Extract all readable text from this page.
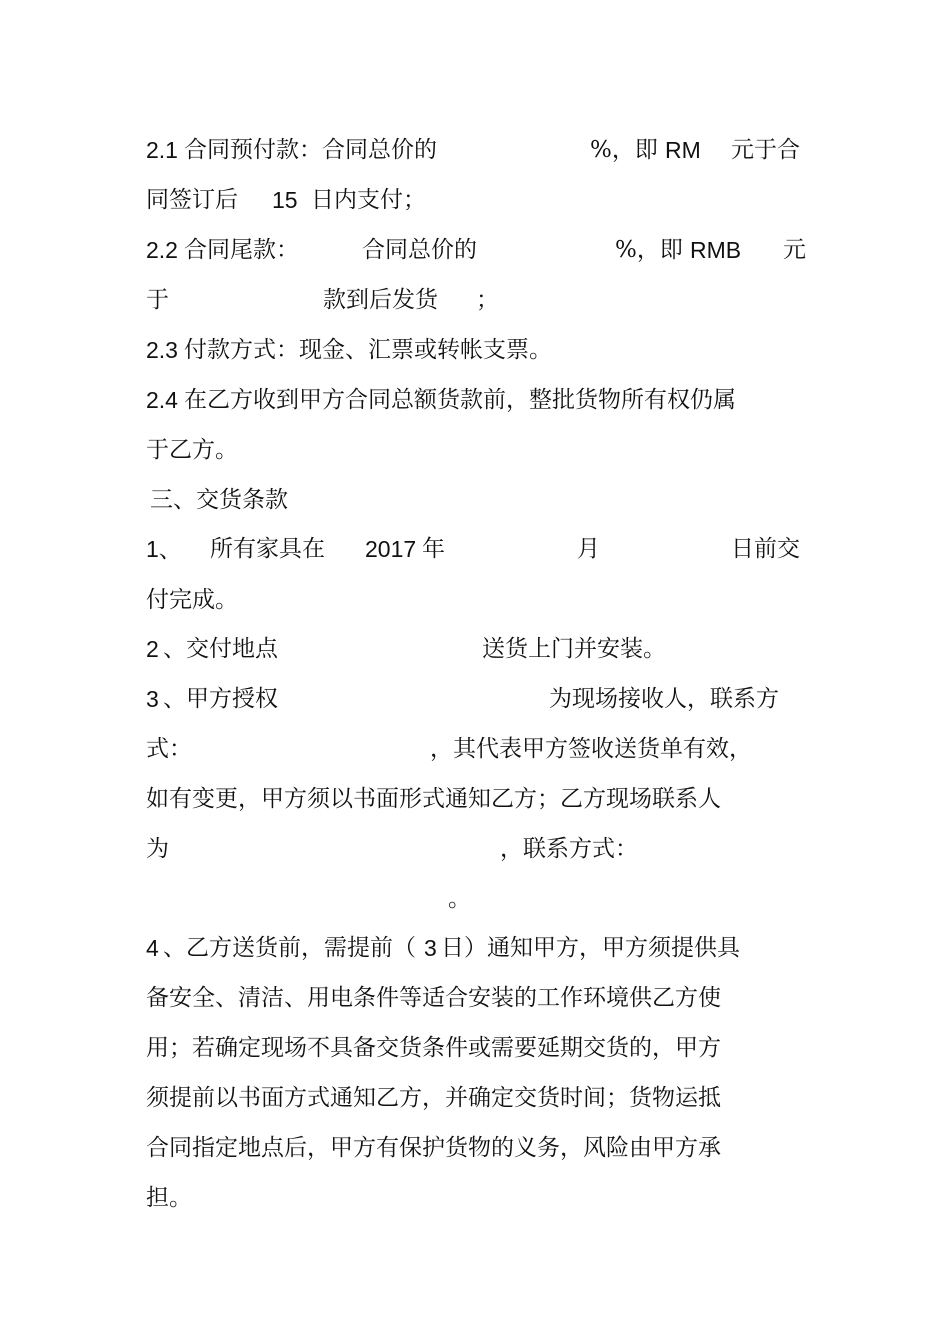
2.1 合同预付款：合同总价的	%，即 RM 元于合
同签订后 15 日内支付；
2.2 合同尾款：	合同总价的	%，即 RMB 元
于	款到后发货 ；
2.3 付款方式：现金、汇票或转帐支票。
2.4 在乙方收到甲方合同总额货款前，整批货物所有权仍属
于乙方。
三、交货条款
1、 所有家具在 2017 年	月	日前交
付完成。
2 、交付地点	送货上门并安装。
3 、甲方授权	为现场接收人，联系方
式：	，其代表甲方签收送货单有效，
如有变更，甲方须以书面形式通知乙方；乙方现场联系人
为	，联系方式：
。
4 、乙方送货前，需提前（ 3 日）通知甲方，甲方须提供具
备安全、清洁、用电条件等适合安装的工作环境供乙方使
用；若确定现场不具备交货条件或需要延期交货的，甲方
须提前以书面方式通知乙方，并确定交货时间；货物运抵
合同指定地点后，甲方有保护货物的义务，风险由甲方承
担。
